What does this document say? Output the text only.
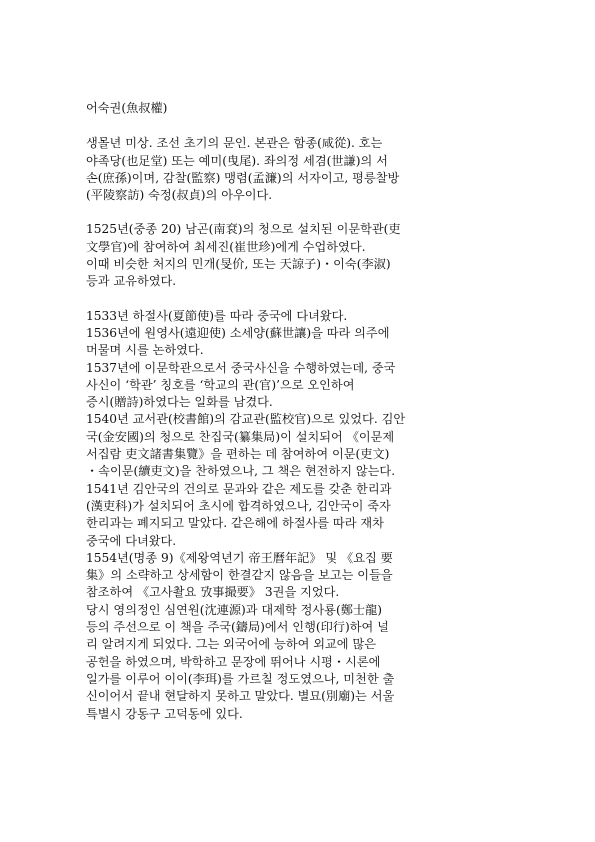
어숙권(魚叔權)
생몰년 미상. 조선 초기의 문인. 본관은 함종(咸從). 호는
야족당(也足堂) 또는 예미(曳尾). 좌의정 세겸(世謙)의 서
손(庶孫)이며, 감찰(監察) 맹렴(孟濂)의 서자이고, 평릉찰방
(平陵察訪) 숙정(叔貞)의 아우이다.
1525년(중종 20) 남곤(南袞)의 청으로 설치된 이문학관(吏
文學官)에 참여하여 최세진(崔世珍)에게 수업하였다.
이때 비슷한 처지의 민개(旻价, 또는 天諒子)・이숙(李淑)
등과 교유하였다.
1533년 하절사(夏節使)를 따라 중국에 다녀왔다.
1536년에 원영사(遠迎使) 소세양(蘇世讓)을 따라 의주에
머물며 시를 논하였다.
1537년에 이문학관으로서 중국사신을 수행하였는데, 중국
사신이 ‘학관’ 칭호를 ‘학교의 관(官)’으로 오인하여
증시(贈詩)하였다는 일화를 남겼다.
1540년 교서관(校書館)의 감교관(監校官)으로 있었다. 김안
국(金安國)의 청으로 찬집국(纂集局)이 설치되어 《이문제
서집람 吏文諸書集覽》을 편하는 데 참여하여 이문(吏文)
・속이문(續吏文)을 찬하였으나, 그 책은 현전하지 않는다.
1541년 김안국의 건의로 문과와 같은 제도를 갖춘 한리과
(漢吏科)가 설치되어 초시에 합격하였으나, 김안국이 죽자
한리과는 폐지되고 말았다. 같은해에 하절사를 따라 재차
중국에 다녀왔다.
1554년(명종 9)《제왕역년기 帝王曆年記》 및 《요집 要
集》의 소략하고 상세함이 한결같지 않음을 보고는 이들을
참조하여 《고사촬요 攷事撮要》 3권을 지었다.
당시 영의정인 심연원(沈連源)과 대제학 정사룡(鄭士龍)
등의 주선으로 이 책을 주국(鑄局)에서 인행(印行)하여 널
리 알려지게 되었다. 그는 외국어에 능하여 외교에 많은
공헌을 하였으며, 박학하고 문장에 뛰어나 시평・시론에
일가를 이루어 이이(李珥)를 가르칠 정도였으나, 미천한 출
신이어서 끝내 현달하지 못하고 말았다. 별묘(別廟)는 서울
특별시 강동구 고덕동에 있다.
